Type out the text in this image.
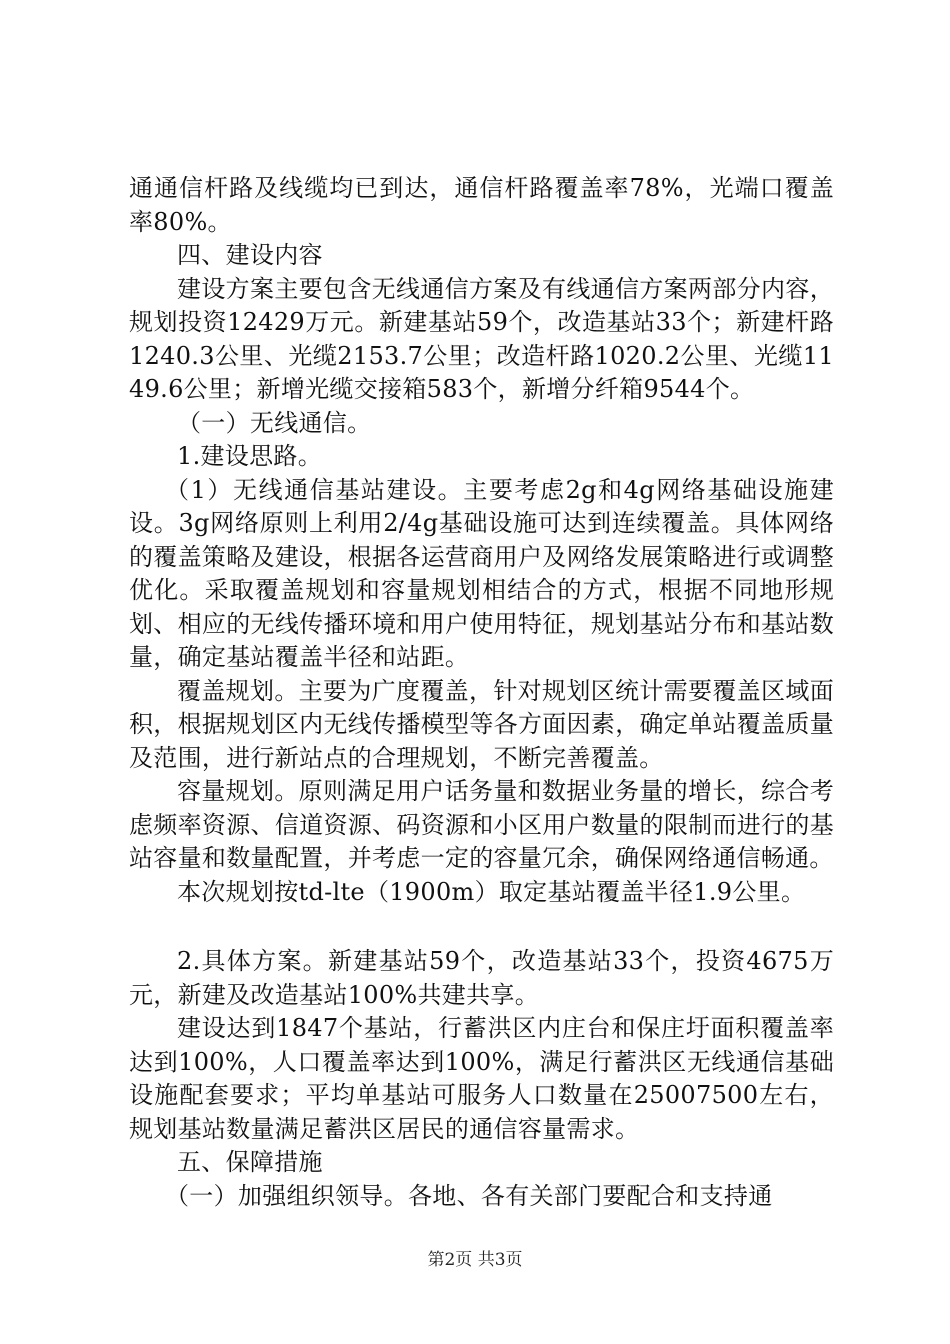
通通信杆路及线缆均已到达，通信杆路覆盖率78%，光端口覆盖率80%。

四、建设内容

建设方案主要包含无线通信方案及有线通信方案两部分内容，规划投资12429万元。新建基站59个，改造基站33个；新建杆路1240.3公里、光缆2153.7公里；改造杆路1020.2公里、光缆1149.6公里；新增光缆交接箱583个，新增分纤箱9544个。

（一）无线通信。

1.建设思路。

（1）无线通信基站建设。主要考虑2g和4g网络基础设施建设。3g网络原则上利用2/4g基础设施可达到连续覆盖。具体网络的覆盖策略及建设，根据各运营商用户及网络发展策略进行或调整优化。采取覆盖规划和容量规划相结合的方式，根据不同地形规划、相应的无线传播环境和用户使用特征，规划基站分布和基站数量，确定基站覆盖半径和站距。

覆盖规划。主要为广度覆盖，针对规划区统计需要覆盖区域面积，根据规划区内无线传播模型等各方面因素，确定单站覆盖质量及范围，进行新站点的合理规划，不断完善覆盖。

容量规划。原则满足用户话务量和数据业务量的增长，综合考虑频率资源、信道资源、码资源和小区用户数量的限制而进行的基站容量和数量配置，并考虑一定的容量冗余，确保网络通信畅通。

本次规划按td-lte（1900m）取定基站覆盖半径1.9公里。

2.具体方案。新建基站59个，改造基站33个，投资4675万元，新建及改造基站100%共建共享。

建设达到1847个基站，行蓄洪区内庄台和保庄圩面积覆盖率达到100%，人口覆盖率达到100%，满足行蓄洪区无线通信基础设施配套要求；平均单基站可服务人口数量在25007500左右，规划基站数量满足蓄洪区居民的通信容量需求。

五、保障措施

（一）加强组织领导。各地、各有关部门要配合和支持通

第2页 共3页
